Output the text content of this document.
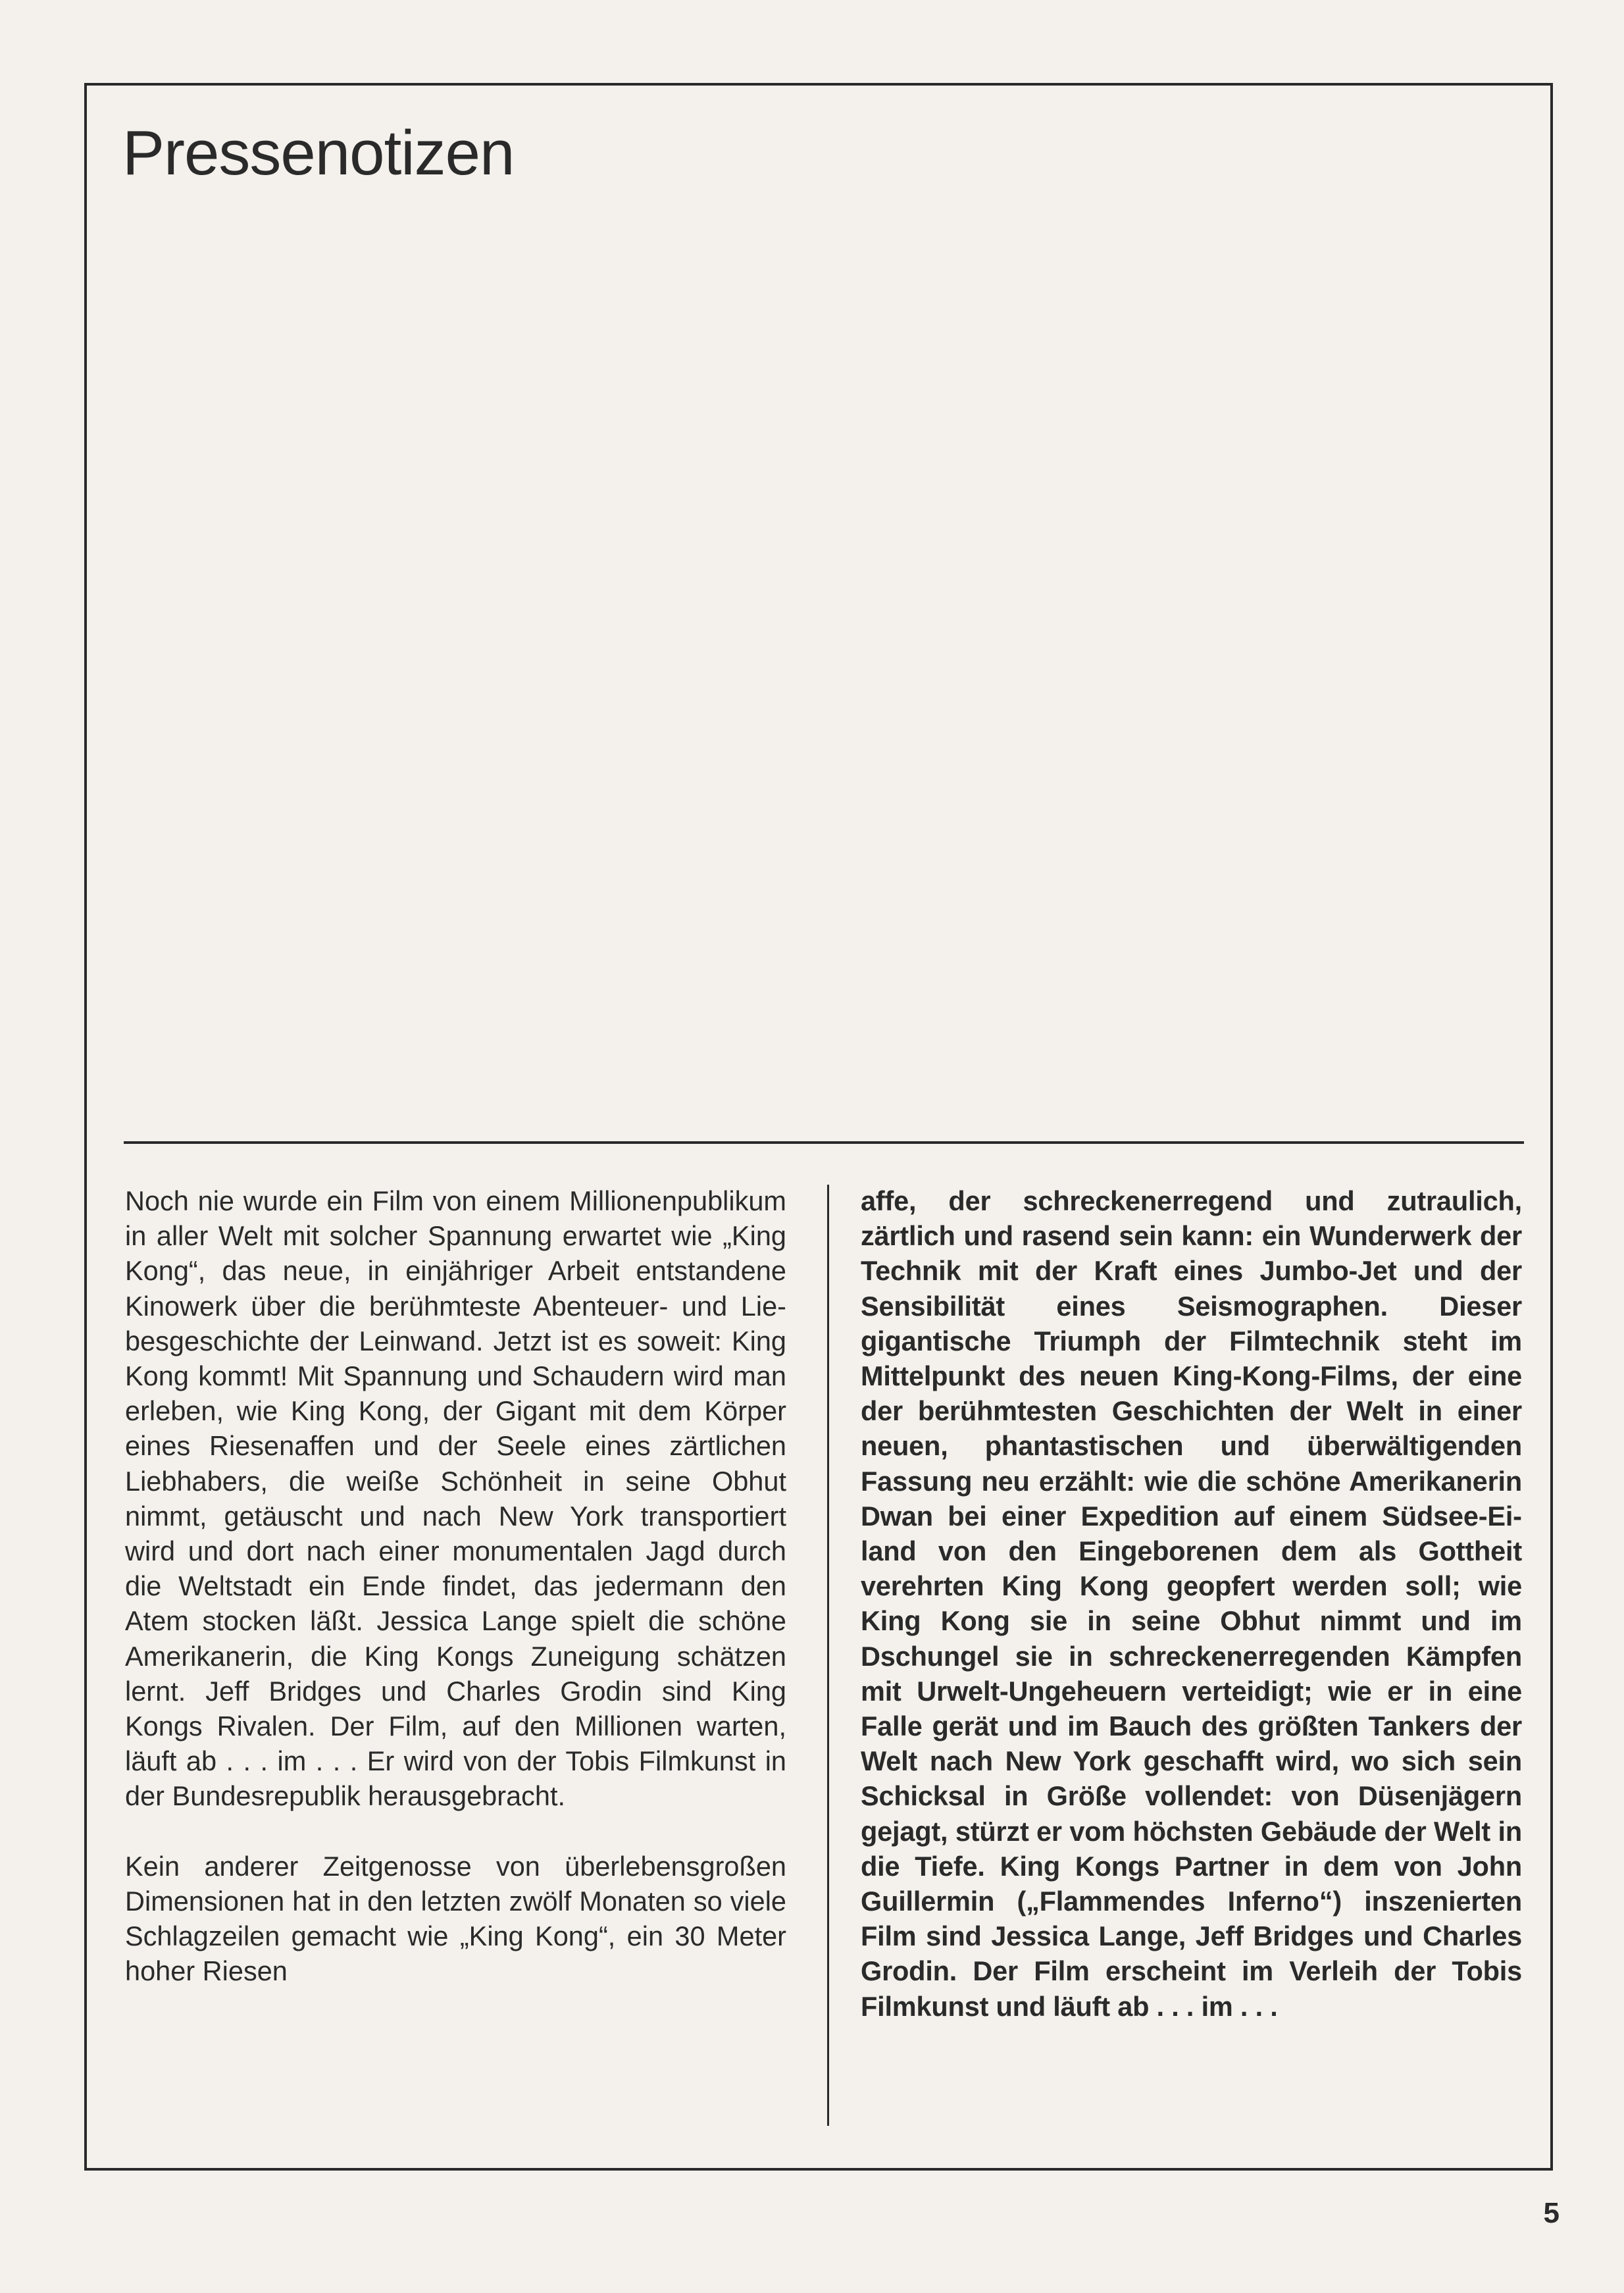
Pressenotizen

Noch nie wurde ein Film von einem Millionenpublikum in aller Welt mit solcher Spannung erwartet wie „King Kong“, das neue, in einjähriger Arbeit entstandene Kinowerk über die berühmteste Abenteuer- und Liebesgeschichte der Leinwand. Jetzt ist es soweit: King Kong kommt! Mit Spannung und Schaudern wird man erleben, wie King Kong, der Gigant mit dem Körper eines Riesenaffen und der Seele eines zärtlichen Liebhabers, die weiße Schönheit in seine Obhut nimmt, getäuscht und nach New York transportiert wird und dort nach einer monumentalen Jagd durch die Weltstadt ein Ende findet, das jedermann den Atem stocken läßt. Jessica Lange spielt die schöne Amerikanerin, die King Kongs Zuneigung schätzen lernt. Jeff Bridges und Charles Grodin sind King Kongs Rivalen. Der Film, auf den Millionen warten, läuft ab . . . im . . . Er wird von der Tobis Filmkunst in der Bundesrepublik herausgebracht.

Kein anderer Zeitgenosse von überlebensgroßen Dimensionen hat in den letzten zwölf Monaten so viele Schlagzeilen gemacht wie „King Kong“, ein 30 Meter hoher Riesen

affe, der schreckenerregend und zutraulich, zärtlich und rasend sein kann: ein Wunderwerk der Technik mit der Kraft eines Jumbo-Jet und der Sensibilität eines Seismographen. Dieser gigantische Triumph der Filmtechnik steht im Mittelpunkt des neuen King-Kong-Films, der eine der berühmtesten Geschichten der Welt in einer neuen, phantastischen und überwältigenden Fassung neu erzählt: wie die schöne Amerikanerin Dwan bei einer Expedition auf einem Südsee-Eiland von den Eingeborenen dem als Gottheit verehrten King Kong geopfert werden soll; wie King Kong sie in seine Obhut nimmt und im Dschungel sie in schreckenerregenden Kämpfen mit Urwelt-Ungeheuern verteidigt; wie er in eine Falle gerät und im Bauch des größten Tankers der Welt nach New York geschafft wird, wo sich sein Schicksal in Größe vollendet: von Düsenjägern gejagt, stürzt er vom höchsten Gebäude der Welt in die Tiefe. King Kongs Partner in dem von John Guillermin („Flammendes Inferno“) inszenierten Film sind Jessica Lange, Jeff Bridges und Charles Grodin. Der Film erscheint im Verleih der Tobis Filmkunst und läuft ab . . . im . . .

5
